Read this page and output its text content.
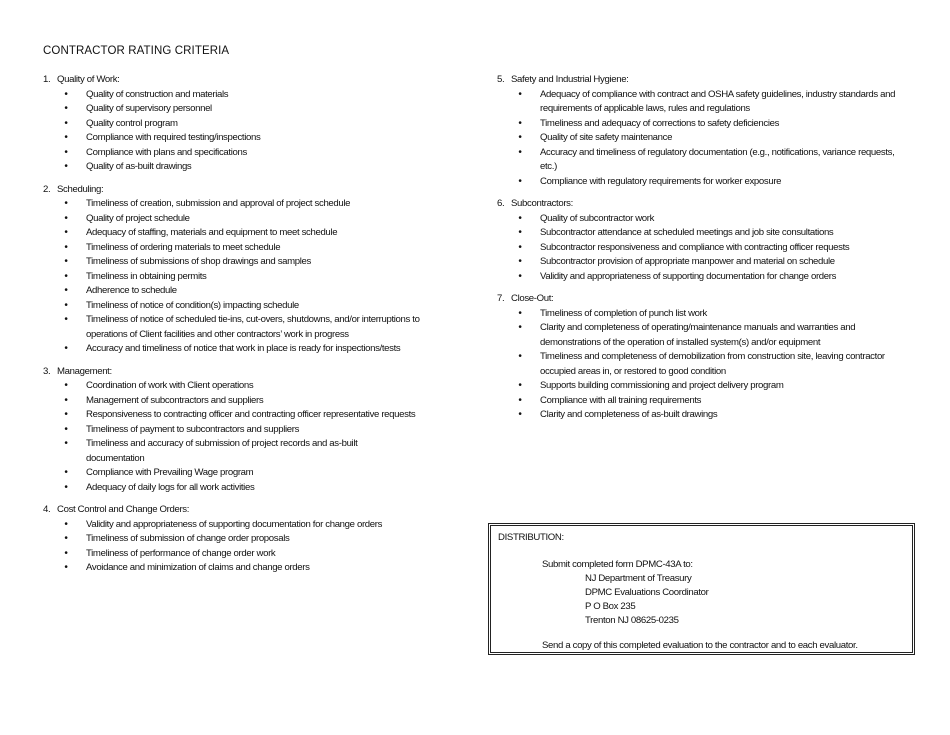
CONTRACTOR RATING CRITERIA
1. Quality of Work:
• Quality of construction and materials
• Quality of supervisory personnel
• Quality control program
• Compliance with required testing/inspections
• Compliance with plans and specifications
• Quality of as-built drawings
2. Scheduling:
• Timeliness of creation, submission and approval of project schedule
• Quality of project schedule
• Adequacy of staffing, materials and equipment to meet schedule
• Timeliness of ordering materials to meet schedule
• Timeliness of submissions of shop drawings and samples
• Timeliness in obtaining permits
• Adherence to schedule
• Timeliness of notice of condition(s) impacting schedule
• Timeliness of notice of scheduled tie-ins, cut-overs, shutdowns, and/or interruptions to operations of Client facilities and other contractors’ work in progress
• Accuracy and timeliness of notice that work in place is ready for inspections/tests
3. Management:
• Coordination of work with Client operations
• Management of subcontractors and suppliers
• Responsiveness to contracting officer and contracting officer representative requests
• Timeliness of payment to subcontractors and suppliers
• Timeliness and accuracy of submission of project records and as-built documentation
• Compliance with Prevailing Wage program
• Adequacy of daily logs for all work activities
4. Cost Control and Change Orders:
• Validity and appropriateness of supporting documentation for change orders
• Timeliness of submission of change order proposals
• Timeliness of performance of change order work
• Avoidance and minimization of claims and change orders
5. Safety and Industrial Hygiene:
• Adequacy of compliance with contract and OSHA safety guidelines, industry standards and requirements of applicable laws, rules and regulations
• Timeliness and adequacy of corrections to safety deficiencies
• Quality of site safety maintenance
• Accuracy and timeliness of regulatory documentation (e.g., notifications, variance requests, etc.)
• Compliance with regulatory requirements for worker exposure
6. Subcontractors:
• Quality of subcontractor work
• Subcontractor attendance at scheduled meetings and job site consultations
• Subcontractor responsiveness and compliance with contracting officer requests
• Subcontractor provision of appropriate manpower and material on schedule
• Validity and appropriateness of supporting documentation for change orders
7. Close-Out:
• Timeliness of completion of punch list work
• Clarity and completeness of operating/maintenance manuals and warranties and demonstrations of the operation of installed system(s) and/or equipment
• Timeliness and completeness of demobilization from construction site, leaving contractor occupied areas in, or restored to good condition
• Supports building commissioning and project delivery program
• Compliance with all training requirements
• Clarity and completeness of as-built drawings
DISTRIBUTION:
Submit completed form DPMC-43A to:
NJ Department of Treasury
DPMC Evaluations Coordinator
P O Box 235
Trenton NJ 08625-0235
Send a copy of this completed evaluation to the contractor and to each evaluator.
